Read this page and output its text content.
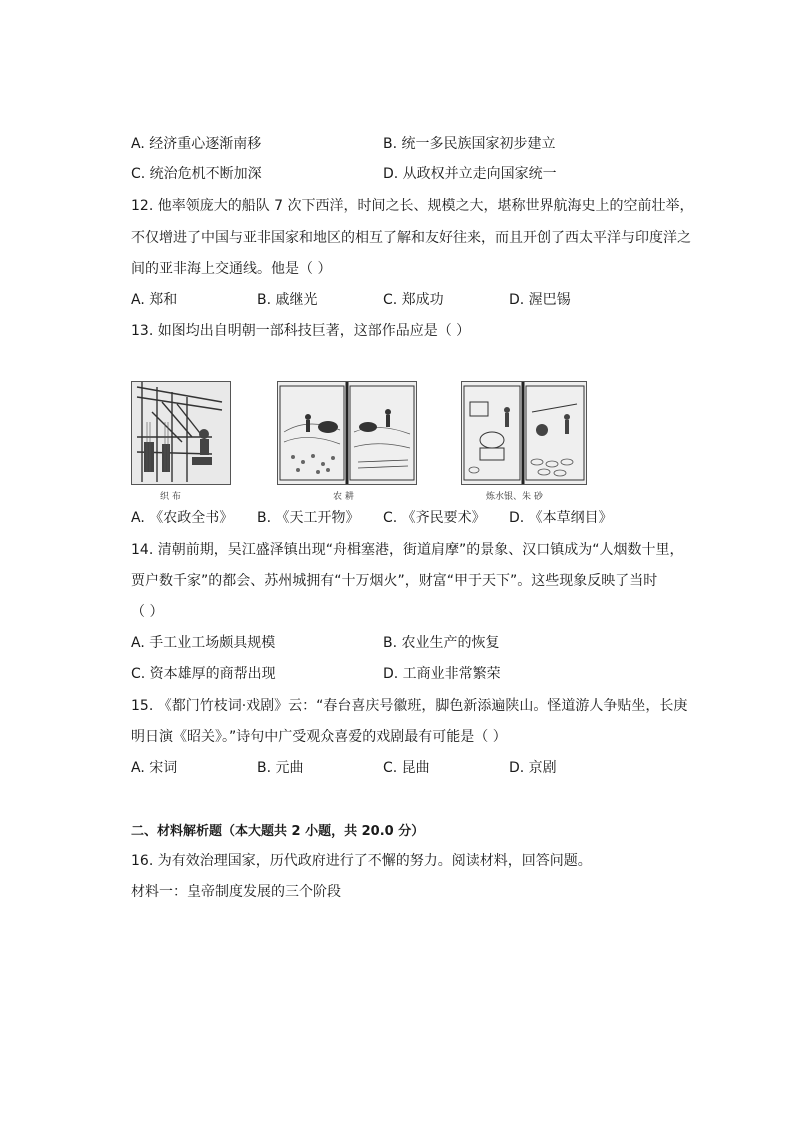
A. 经济重心逐渐南移	B. 统一多民族国家初步建立
C. 统治危机不断加深	D. 从政权并立走向国家统一
12. 他率领庞大的船队 7 次下西洋，时间之长、规模之大，堪称世界航海史上的空前壮举，
不仅增进了中国与亚非国家和地区的相互了解和友好往来，而且开创了西太平洋与印度洋之
间的亚非海上交通线。他是（ ）
A. 郑和	B. 戚继光	C. 郑成功	D. 渥巴锡
13. 如图均出自明朝一部科技巨著，这部作品应是（ ）
织 布	农 耕	炼水银、朱 砂
A. 《农政全书》 B. 《天工开物》 C. 《齐民要术》 D. 《本草纲目》
14. 清朝前期，吴江盛泽镇出现“舟楫塞港，街道肩摩”的景象、汉口镇成为“人烟数十里，
贾户数千家”的都会、苏州城拥有“十万烟火”，财富“甲于天下”。这些现象反映了当时
（ ）
A. 手工业工场颇具规模	B. 农业生产的恢复
C. 资本雄厚的商帮出现	D. 工商业非常繁荣
15. 《都门竹枝词·戏剧》云：“春台喜庆号徽班，脚色新添遍陕山。怪道游人争贴坐，长庚
明日演《昭关》。”诗句中广受观众喜爱的戏剧最有可能是（ ）
A. 宋词	B. 元曲	C. 昆曲	D. 京剧
二、材料解析题（本大题共 2 小题，共 20.0 分）
16. 为有效治理国家，历代政府进行了不懈的努力。阅读材料，回答问题。
材料一：皇帝制度发展的三个阶段
